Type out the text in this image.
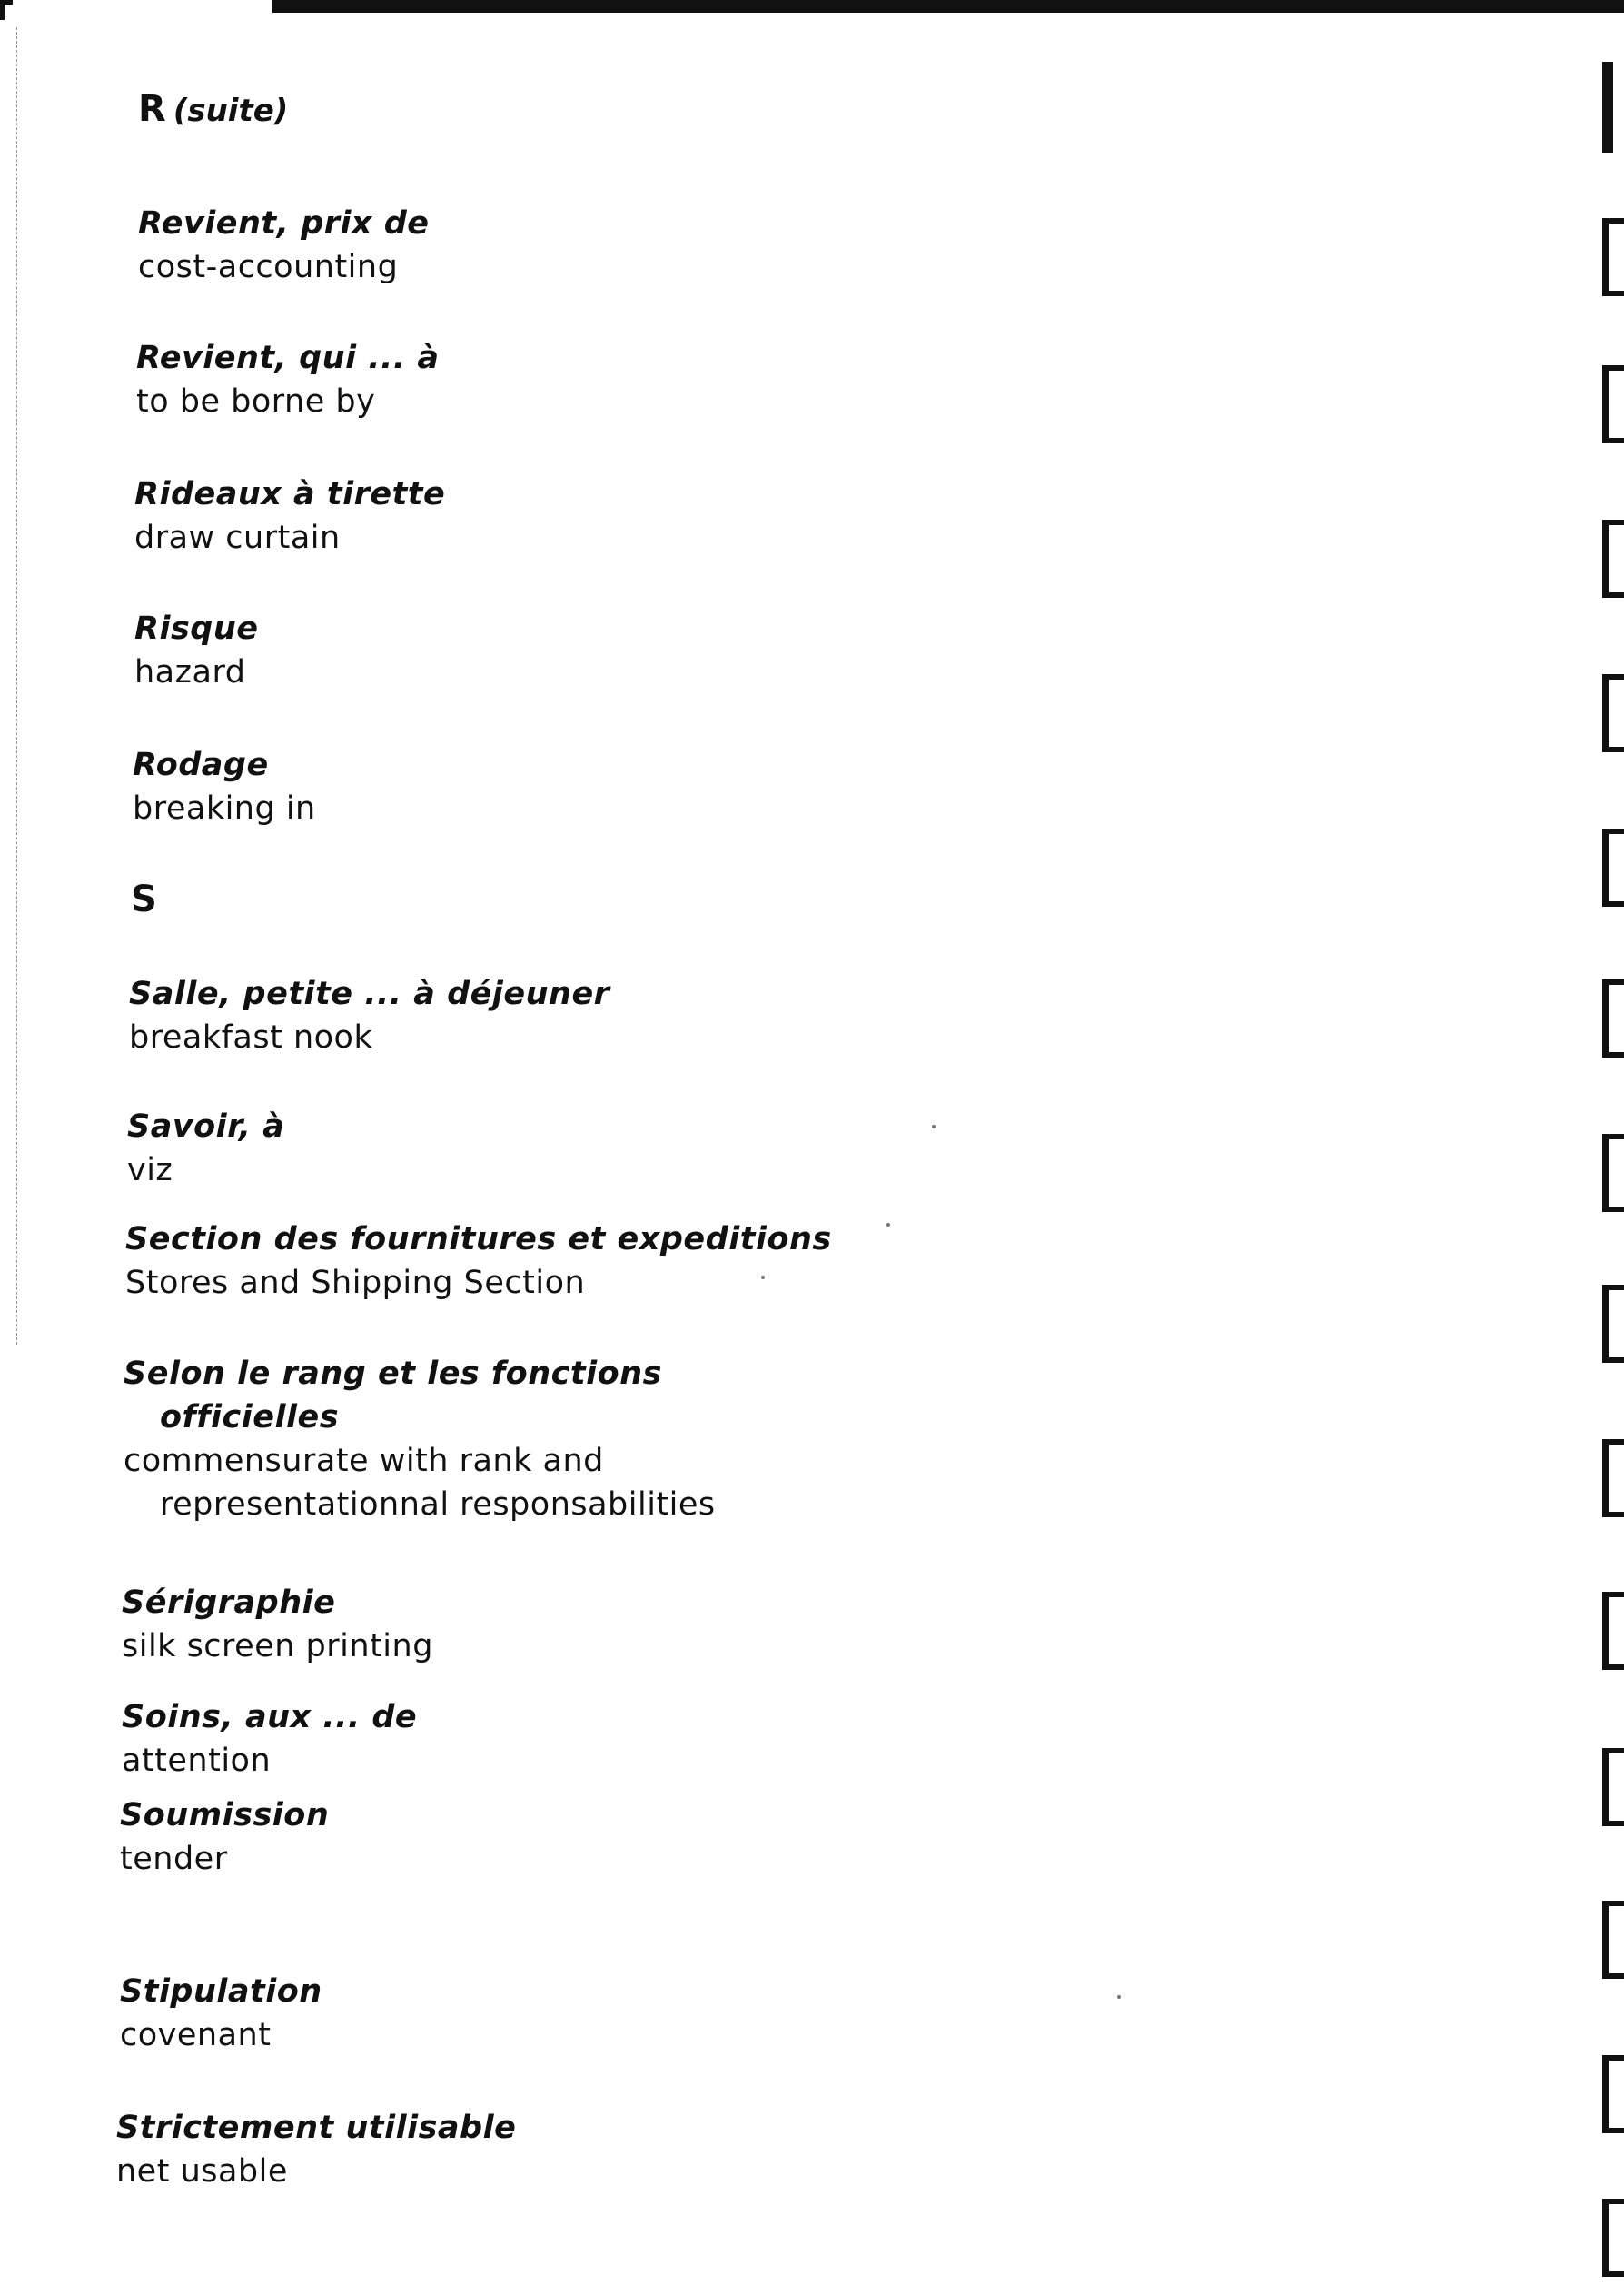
R (suite)
Revient, prix de
cost-accounting
Revient, qui ... à
to be borne by
Rideaux à tirette
draw curtain
Risque
hazard
Rodage
breaking in
S
Salle, petite ... à déjeuner
breakfast nook
Savoir, à
viz
Section des fournitures et expeditions
Stores and Shipping Section
Selon le rang et les fonctions
officielles
commensurate with rank and
representationnal responsabilities
Sérigraphie
silk screen printing
Soins, aux ... de
attention
Soumission
tender
Stipulation
covenant
Strictement utilisable
net usable
